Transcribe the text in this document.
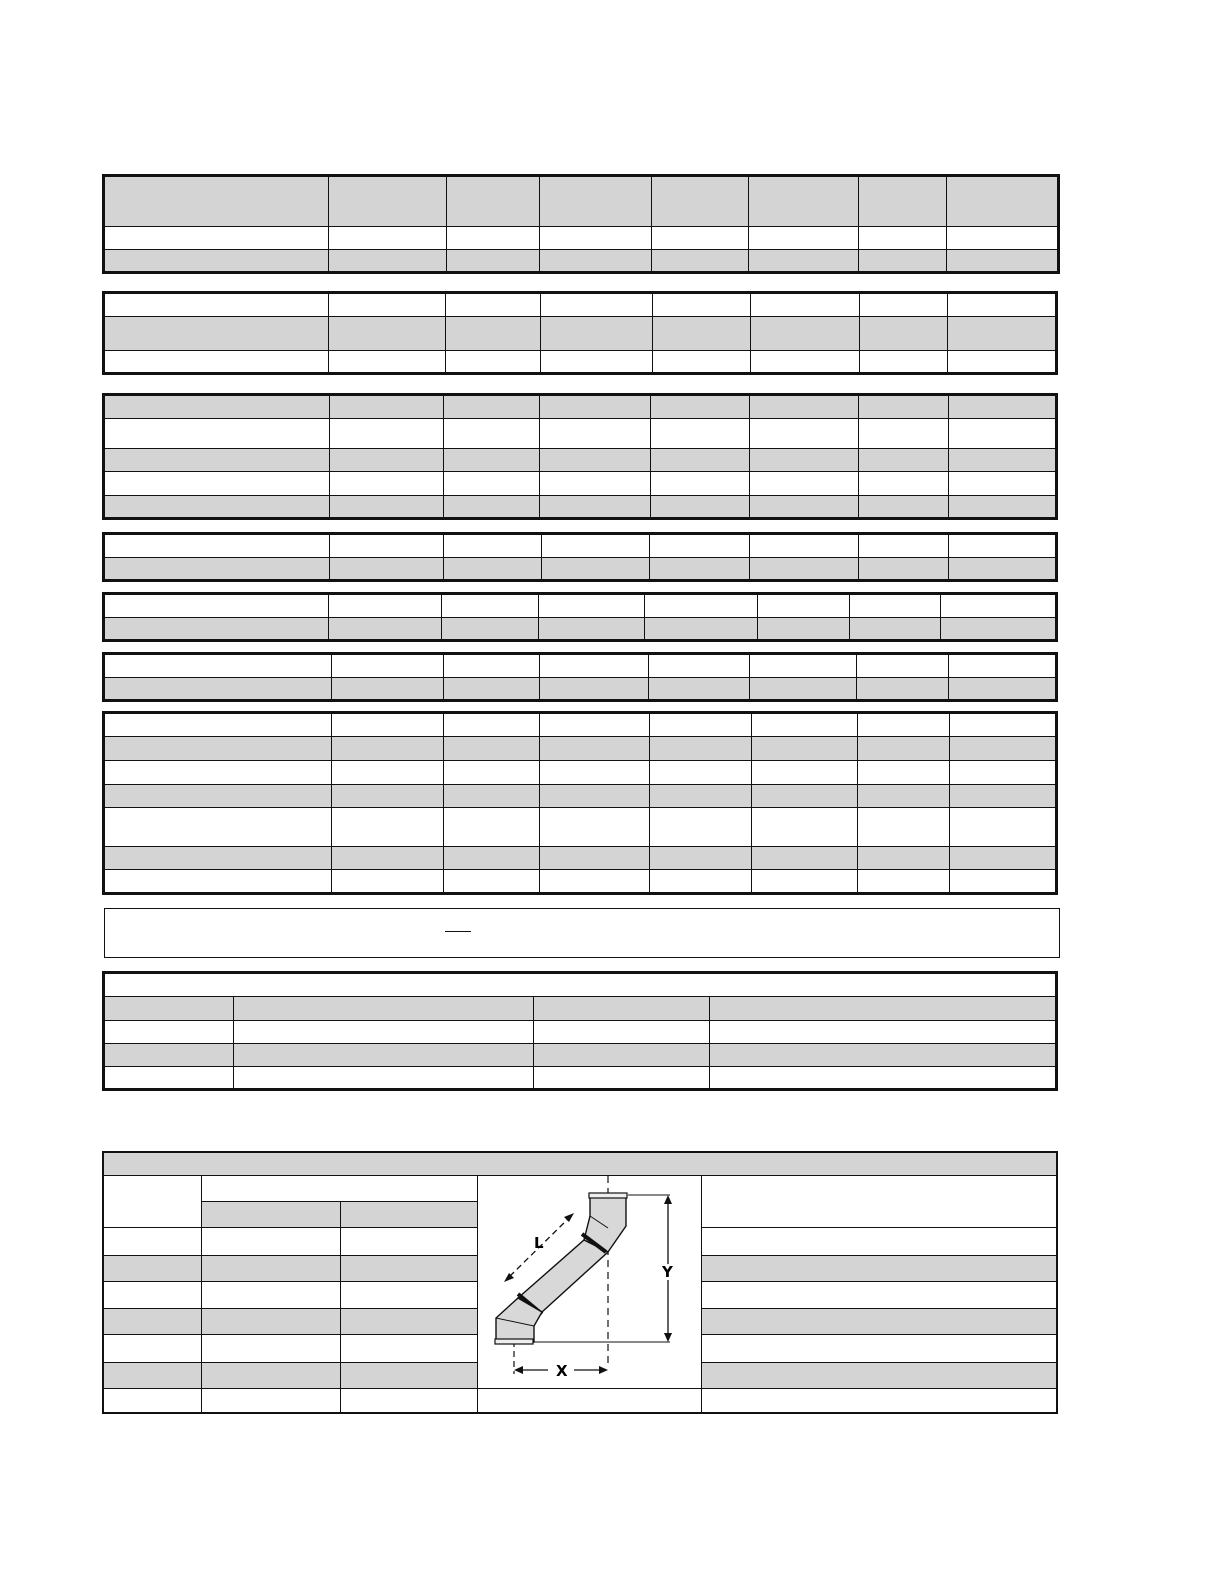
L
Y
X	
